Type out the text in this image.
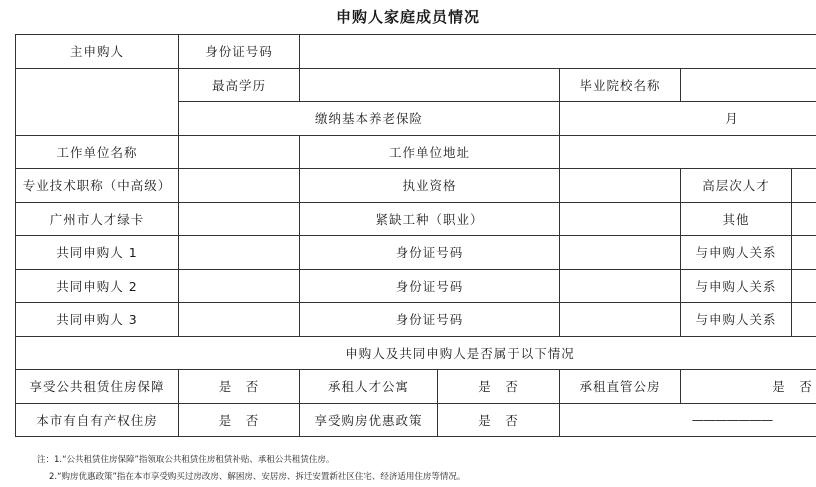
申购人家庭成员情况
主申购人	身份证号码					
	最高学历			毕业院校名称		
	缴纳基本养老保险			月		
工作单位名称		工作单位地址				
专业技术职称（中高级）		执业资格			高层次人才	
广州市人才绿卡		紧缺工种（职业）			其他	
共同申购人 1		身份证号码			与申购人关系	
共同申购人 2		身份证号码			与申购人关系	
共同申购人 3		身份证号码			与申购人关系	
申购人及共同申购人是否属于以下情况						
享受公共租赁住房保障	是　否	承租人才公寓	是　否	承租直管公房	是　否	
本市有自有产权住房	是　否	享受购房优惠政策	是　否	———————		
注：1.“公共租赁住房保障”指领取公共租赁住房租赁补贴、承租公共租赁住房。
2.“购房优惠政策”指在本市享受购买过房改房、解困房、安居房、拆迁安置新社区住宅、经济适用住房等情况。
